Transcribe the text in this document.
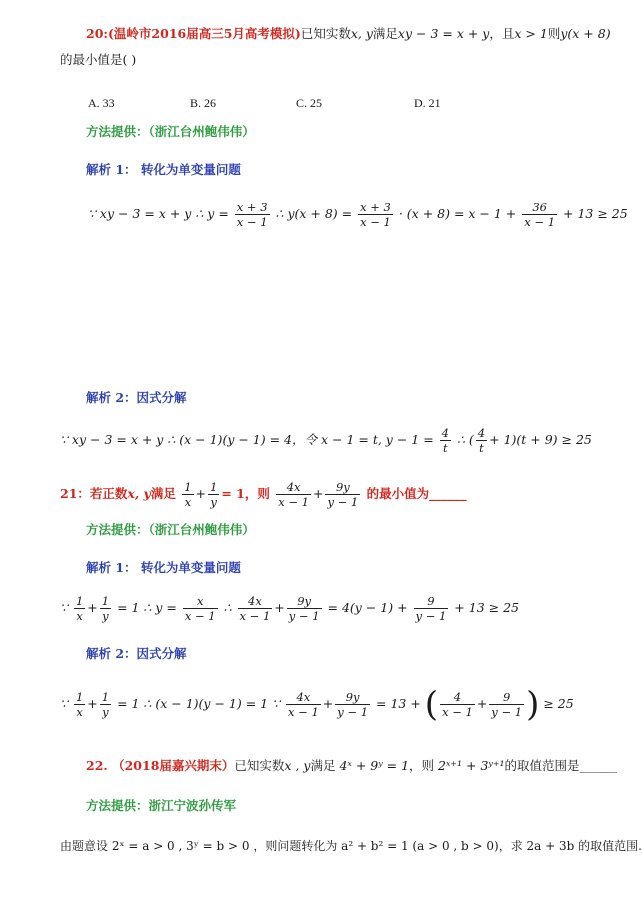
20:(温岭市2016届高三5月高考模拟)已知实数x, y满足xy − 3 = x + y，且x > 1则y(x + 8)
的最小值是( )
A. 33	B. 26	C. 25	D. 21
方法提供：（浙江台州鲍伟伟）
解析 1： 转化为单变量问题
∵ xy − 3 = x + y ∴ $y = \frac{x + 3}{x - 1}$ ∴ $y(x + 8) = \frac{x + 3}{x - 1} \cdot (x + 8) = x - 1 + \frac{36}{x - 1} + 13 \ge 25$
解析 2：因式分解
∵ xy − 3 = x + y ∴ (x − 1)(y − 1) = 4，令 x − 1 = t, $y - 1 = \frac{4}{t}$ ∴ ( $\frac{4}{t} + 1)(t + 9) \ge 25$
21：若正数x, y满足 $\frac{1}{x} + \frac{1}{y} = 1$，则 $\frac{4x}{x - 1} + \frac{9y}{y - 1}$ 的最小值为______
方法提供：（浙江台州鲍伟伟）
解析 1： 转化为单变量问题
∵ $\frac{1}{x} + \frac{1}{y} = 1$ ∴ $y = \frac{x}{x - 1}$ ∴ $\frac{4x}{x - 1} + \frac{9y}{y - 1} = 4(y - 1) + \frac{9}{y - 1} + 13 \ge 25$
解析 2：因式分解
∵ $\frac{1}{x} + \frac{1}{y} = 1$ ∴ (x − 1)(y − 1) = 1 ∵ $\frac{4x}{x - 1} + \frac{9y}{y - 1} = 13$ + ( $\frac{4}{x - 1} + \frac{9}{y - 1}$ ) ≥ 25
22. （2018届嘉兴期末）已知实数x , y满足 4ˣ + 9ʸ = 1，则 2ˣ⁺¹ + 3ʸ⁺¹的取值范围是______
方法提供：浙江宁波孙传军
由题意设 2ˣ = a > 0 , 3ʸ = b > 0 ，则问题转化为 a² + b² = 1 (a > 0 , b > 0)，求 2a + 3b 的取值范围.
